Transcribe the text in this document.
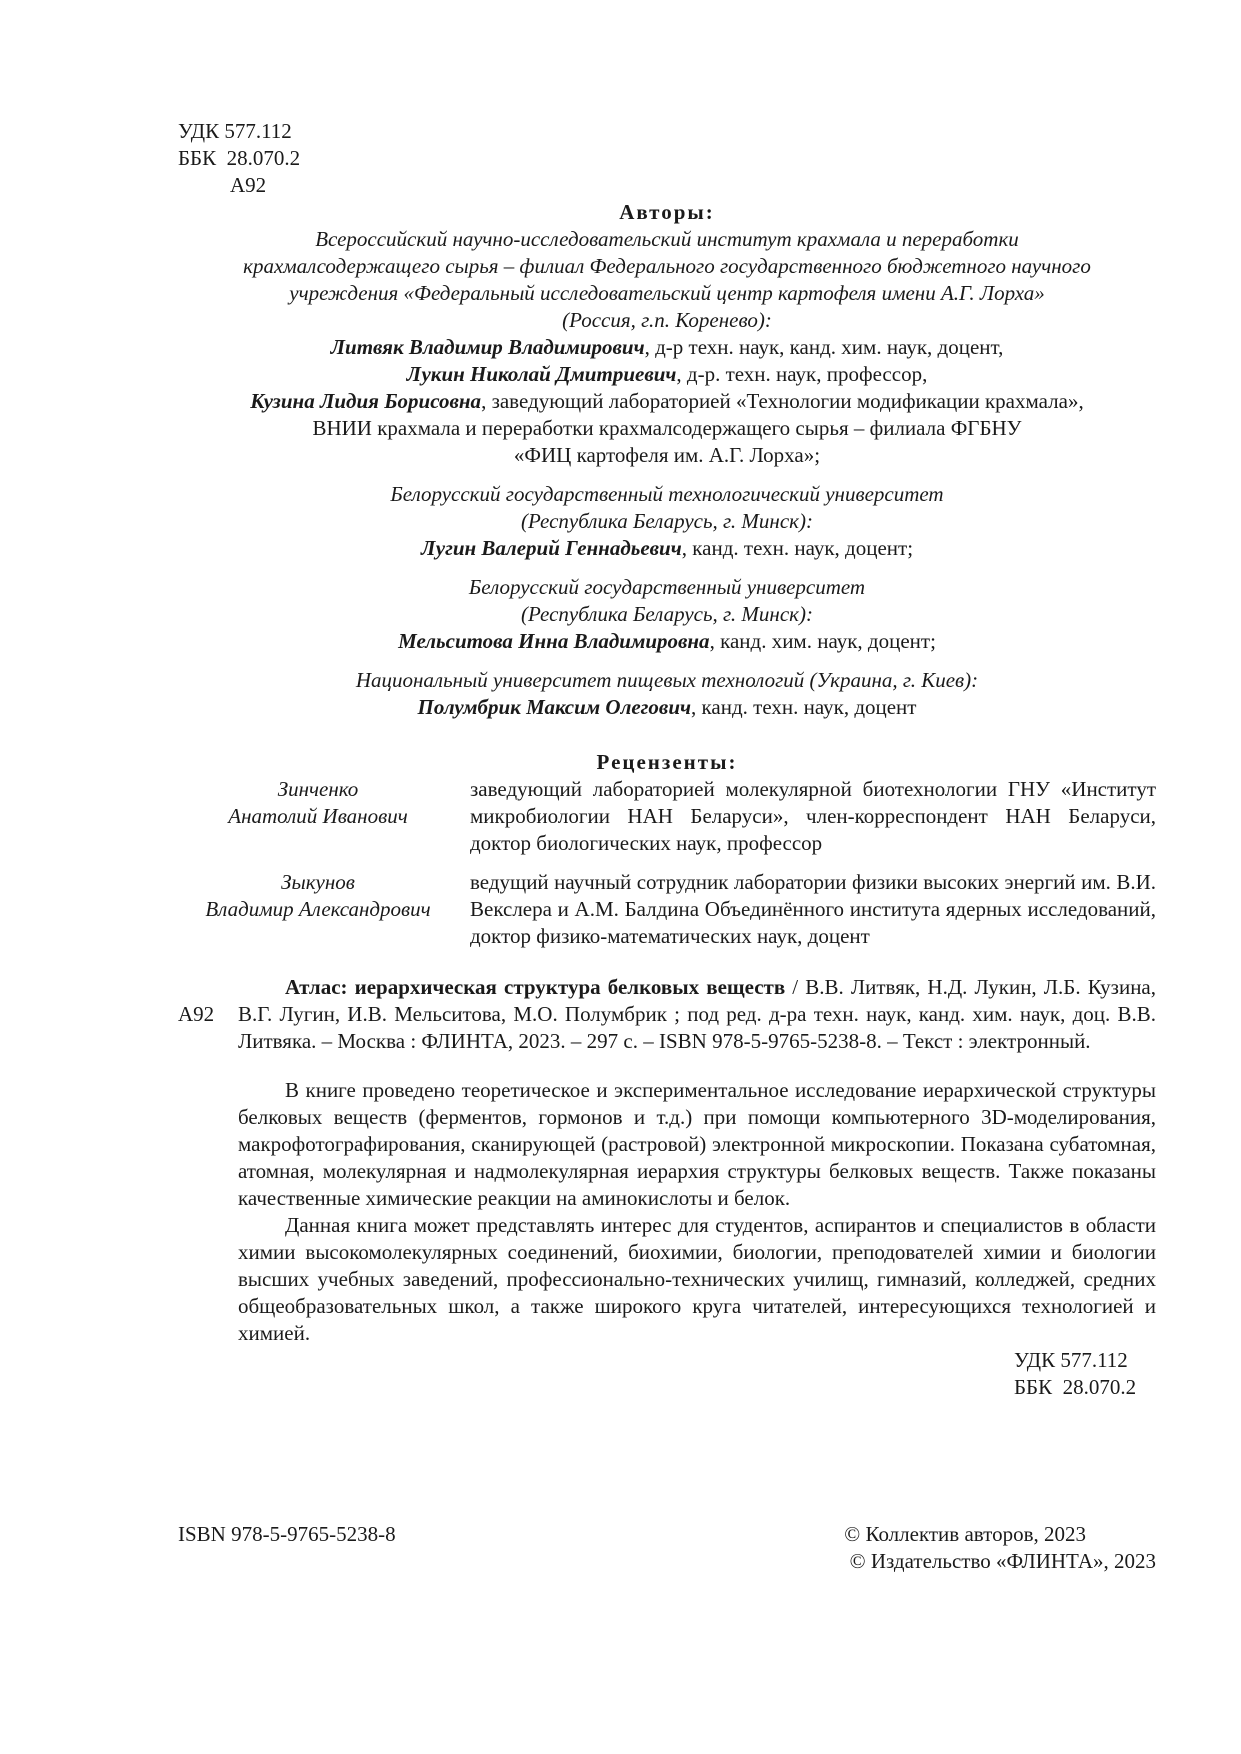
УДК 577.112
ББК  28.070.2
А92
Авторы:
Всероссийский научно-исследовательский институт крахмала и переработки
крахмалсодержащего сырья – филиал Федерального государственного бюджетного научного
учреждения «Федеральный исследовательский центр картофеля имени А.Г. Лорха»
(Россия, г.п. Коренево):
Литвяк Владимир Владимирович, д-р техн. наук, канд. хим. наук, доцент,
Лукин Николай Дмитриевич, д-р. техн. наук, профессор,
Кузина Лидия Борисовна, заведующий лабораторией «Технологии модификации крахмала»,
ВНИИ крахмала и переработки крахмалсодержащего сырья – филиала ФГБНУ
«ФИЦ картофеля им. А.Г. Лорха»;
Белорусский государственный технологический университет
(Республика Беларусь, г. Минск):
Лугин Валерий Геннадьевич, канд. техн. наук, доцент;
Белорусский государственный университет
(Республика Беларусь, г. Минск):
Мельситова Инна Владимировна, канд. хим. наук, доцент;
Национальный университет пищевых технологий (Украина, г. Киев):
Полумбрик Максим Олегович, канд. техн. наук, доцент
Рецензенты:
Зинченко
Анатолий Иванович
заведующий лабораторией молекулярной биотехнологии ГНУ «Институт микробиологии НАН Беларуси», член-корреспондент НАН Беларуси, доктор биологических наук, профессор
Зыкунов
Владимир Александрович
ведущий научный сотрудник лаборатории физики высоких энергий им. В.И. Векслера и А.М. Балдина Объединённого института ядерных исследований, доктор физико-математических наук, доцент
А92
Атлас: иерархическая структура белковых веществ / В.В. Литвяк, Н.Д. Лукин, Л.Б. Кузина, В.Г. Лугин, И.В. Мельситова, М.О. Полумбрик ; под ред. д-ра техн. наук, канд. хим. наук, доц. В.В. Литвяка. – Москва : ФЛИНТА, 2023. – 297 с. – ISBN 978-5-9765-5238-8. – Текст : электронный.

В книге проведено теоретическое и экспериментальное исследование иерархической структуры белковых веществ (ферментов, гормонов и т.д.) при помощи компьютерного 3D-моделирования, макрофотографирования, сканирующей (растровой) электронной микроскопии. Показана субатомная, атомная, молекулярная и надмолекулярная иерархия структуры белковых веществ. Также показаны качественные химические реакции на аминокислоты и белок.

Данная книга может представлять интерес для студентов, аспирантов и специалистов в области химии высокомолекулярных соединений, биохимии, биологии, преподователей химии и биологии высших учебных заведений, профессионально-технических училищ, гимназий, колледжей, средних общеобразовательных школ, а также широкого круга читателей, интересующихся технологией и химией.

УДК 577.112
ББК  28.070.2
ISBN 978-5-9765-5238-8	© Коллектив авторов, 2023
© Издательство «ФЛИНТА», 2023
